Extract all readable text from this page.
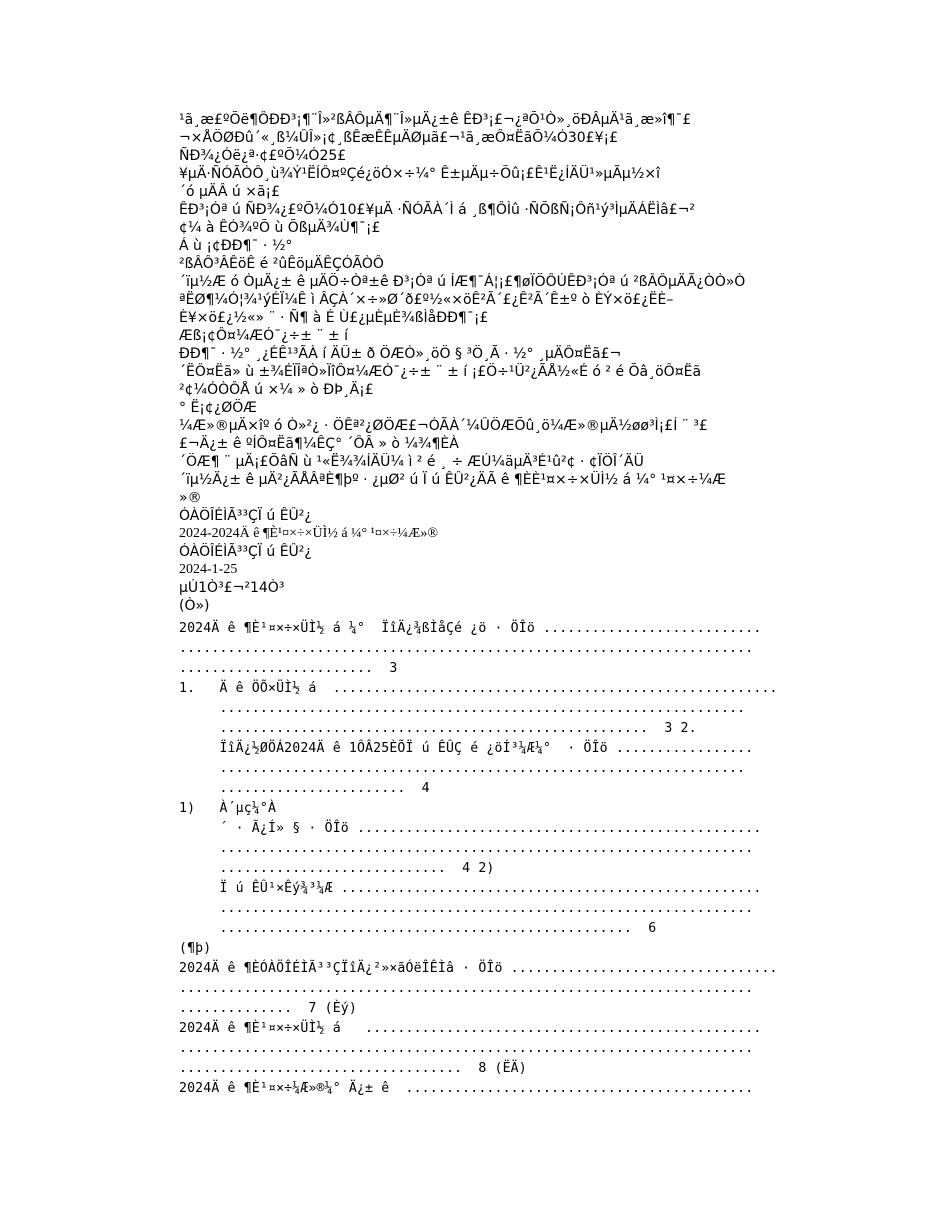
¹ã¸æ£ºÕë¶ÔÐÐ³¡¶¨Î»²ßÂÔµÄ¶¨Î»µÄ¿±ê ÊÐ³¡£¬¿ªÕ¹Ò»¸öÐÂµÄ¹ã¸æ»î¶¯£
¬×ÅÖØÐû´«¸ß¼ÛÎ»¡¢¸ßÊæÊÊµÄØµã£¬¹ã¸æÔ¤ËãÕ¼Ó30£¥¡£
ÑÐ¾¿Óë¿ª·¢£ºÕ¼Ó25£
¥µÄ·ÑÓÃÒÔ¸ù¾Ý¹ËÍÔ¤ºÇé¿öÓ×÷¼° Ê±µÄµ÷Õû¡£Ê¹Ë¿ÍÄÜ¹»µÃµ½×î
´ó µÄÂ ú ×ã¡£
ÊÐ³¡Óª ú ÑÐ¾¿£ºÕ¼Ó10£¥µÄ ·ÑÓÃÀ´Ì á ¸ß¶ÔÌû ·ÑÕßÑ¡Ôñ¹ý³ÌµÄÁËÌâ£¬²
¢¼ à ÊÓ¾ºÕ ù ÕßµÄ¾Ù¶¯¡£
Á ù ¡¢ÐÐ¶¯ · ½°
²ßÂÔ³ÂÊöÊ é ²ûÊöµÄÊÇÓÃÒÔ
´ïµ½Æ ó ÒµÄ¿± ê µÄÖ÷Òª±ê Ð³¡Óª ú ÍÆ¶¯Á¦¡£¶øÏÖÔÚÊÐ³¡Óª ú ²ßÂÔµÄÃ¿ÒÒ»Ò
ªËØ¶¼Ó¦¾¹ýÉÏ¼Ê ì ÂÇÀ´×÷»Ø´ð£º½«×öÊ²Ã´£¿Ê²Ã´Ê±º ò ÈÝ×ö£¿ËÈ–
È¥×ö£¿½«» ¨ · Ñ¶ à É Ù£¿µÈµÈ¾ßÌåÐÐ¶¯¡£
Æß¡¢Ô¤¼ÆÓ¯¿÷± ¨ ± í
ÐÐ¶¯ · ½° ¸¿ÉÊ¹³ÃÀ í ÄÜ± ð ÖÆÒ»¸öÖ § ³Ö¸Ã · ½° ¸µÄÔ¤Ëã£¬
´ËÔ¤Ëã» ù ±¾ÉÏÎªÒ»ÏîÔ¤¼ÆÓ¯¿÷± ¨ ± í ¡£Ö÷¹Ü²¿ÃÅ½«É ó ² é Õâ¸öÔ¤Ëã
²¢¼ÓÒÔÅ ú ×¼ » ò ÐÞ¸Ä¡£
° Ë¡¢¿ØÖÆ
¼Æ»®µÄ×îº ó Ò»²¿ · ÖÊª²¿ØÖÆ£¬ÓÃÀ´¼ÛÖÆÕû¸ö¼Æ»®µÄ½øø³Ì¡£Í ¨ ³£
£¬Ä¿± ê ºÍÔ¤Ëã¶¼ÊÇ° ´ÔÂ » ò ¼¾¶ÈÀ
´ÖÆ¶ ¨ µÄ¡£ÕâÑ ù ¹«Ë¾¾ÍÄÜ¼ ì ² é ¸ ÷ ÆÚ¼äµÄ³É¹û²¢ · ¢ÏÖÎ´ÄÜ
´ïµ½Ä¿± ê µÄ²¿ÃÅÂªÈ¶þº · ¿µØ² ú Ï ú ÊÛ²¿ÄÃ ê ¶ÈÈ¹¤×÷×ÜÌ½ á ¼° ¹¤×÷¼Æ
»®
ÓÀÖÎÉÌÃ³³ÇÏ ú ÊÛ²¿
2024-2024Ä ê ¶È¹¤×÷×ÜÌ½ á ¼° ¹¤×÷¼Æ»®
ÓÀÖÎÉÌÃ³³ÇÏ ú ÊÛ²¿
2024-1-25
µÚ1Ò³£¬²14Ò³
(Ò»)
2024Ä ê ¶È¹¤×÷×ÜÌ½ á ¼°  ÏîÄ¿¾ßÌåÇé ¿ö · ÖÎö ...........................
.......................................................................
........................  3
1.   Ä ê ÖÕ×ÜÌ½ á  .......................................................
.................................................................
.....................................................  3 2.
ÏîÄ¿½ØÖÁ2024Ä ê 1ÔÂ25ÈÕÏ ú ÊÛÇ é ¿öÍ³¼Æ¼°  · ÖÎö .................
.................................................................
.......................  4
1)   À´µç¼°À
´ · Ã¿Í» § · ÖÎö ..................................................
..................................................................
............................  4 2)
Ï ú ÊÛ¹×Êý¾³¼Æ ....................................................
..................................................................
...................................................  6
(¶þ)
2024Ä ê ¶ÈÓÀÖÎÉÌÃ³³ÇÏîÄ¿²»×ãÓëÎÊÌâ · ÖÎö .................................
.......................................................................
..............  7 (Èý)
2024Ä ê ¶È¹¤×÷×ÜÌ½ á   .................................................
.......................................................................
...................................  8 (ËÄ)
2024Ä ê ¶È¹¤×÷¼Æ»®¼° Ä¿± ê  ...........................................
